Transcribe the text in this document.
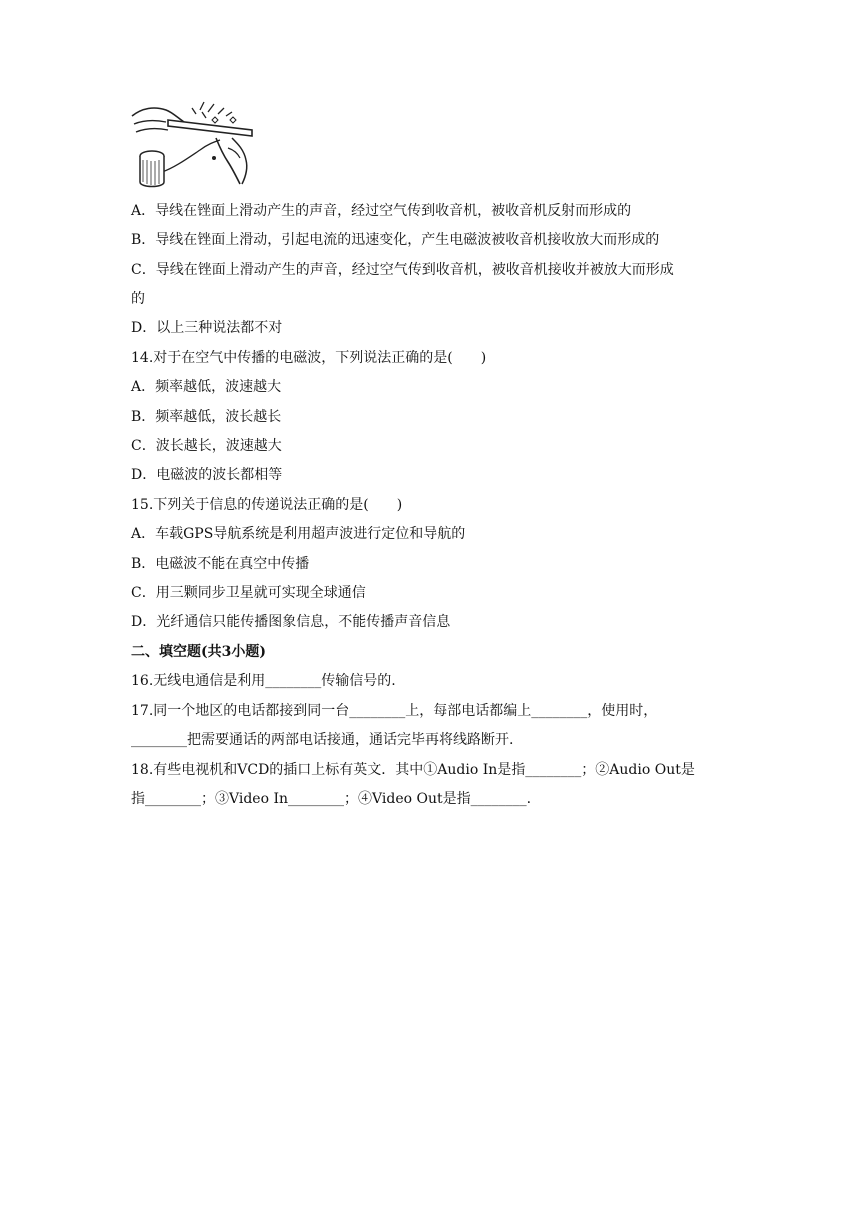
A．导线在锉面上滑动产生的声音，经过空气传到收音机，被收音机反射而形成的
B．导线在锉面上滑动，引起电流的迅速变化，产生电磁波被收音机接收放大而形成的
C．导线在锉面上滑动产生的声音，经过空气传到收音机，被收音机接收并被放大而形成
的
D．以上三种说法都不对
14.对于在空气中传播的电磁波，下列说法正确的是(　　)
A．频率越低，波速越大
B．频率越低，波长越长
C．波长越长，波速越大
D．电磁波的波长都相等
15.下列关于信息的传递说法正确的是(　　)
A．车载GPS导航系统是利用超声波进行定位和导航的
B．电磁波不能在真空中传播
C．用三颗同步卫星就可实现全球通信
D．光纤通信只能传播图象信息，不能传播声音信息
二、填空题(共3小题)
16.无线电通信是利用________传输信号的.
17.同一个地区的电话都接到同一台________上，每部电话都编上________，使用时，
________把需要通话的两部电话接通，通话完毕再将线路断开.
18.有些电视机和VCD的插口上标有英文．其中①Audio In是指________；②Audio Out是
指________；③Video In________；④Video Out是指________.
